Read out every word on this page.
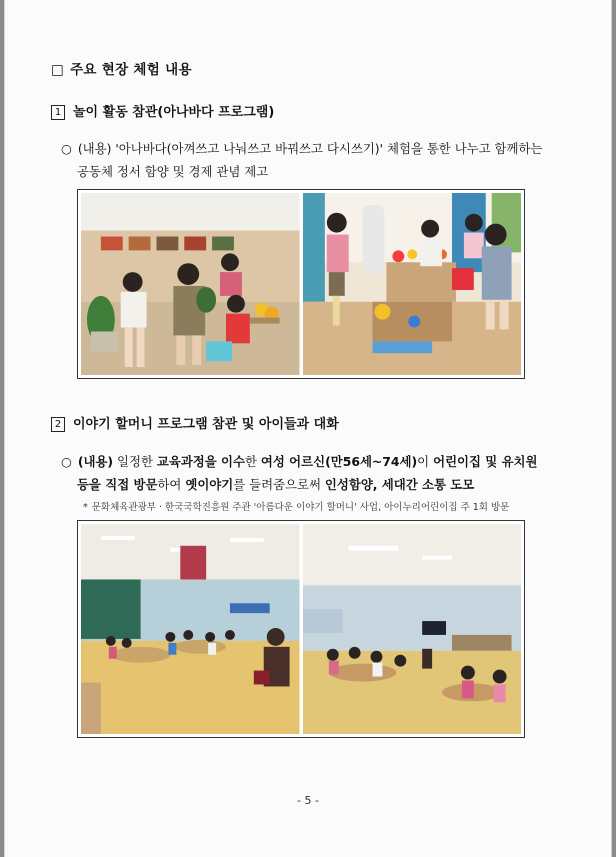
□ 주요 현장 체험 내용
1 놀이 활동 참관(아나바다 프로그램)
○ (내용) '아나바다(아껴쓰고 나눠쓰고 바꿔쓰고 다시쓰기)' 체험을 통한 나누고 함께하는
공동체 정서 함양 및 경제 관념 제고
2 이야기 할머니 프로그램 참관 및 아이들과 대화
○ (내용) 일정한 교육과정을 이수한 여성 어르신(만56세~74세)이 어린이집 및 유치원
등을 직접 방문하여 옛이야기를 들려줌으로써 인성함양, 세대간 소통 도모
* 문화체육관광부 · 한국국학진흥원 주관 '아름다운 이야기 할머니' 사업, 아이누리어린이집 주 1회 방문
- 5 -
